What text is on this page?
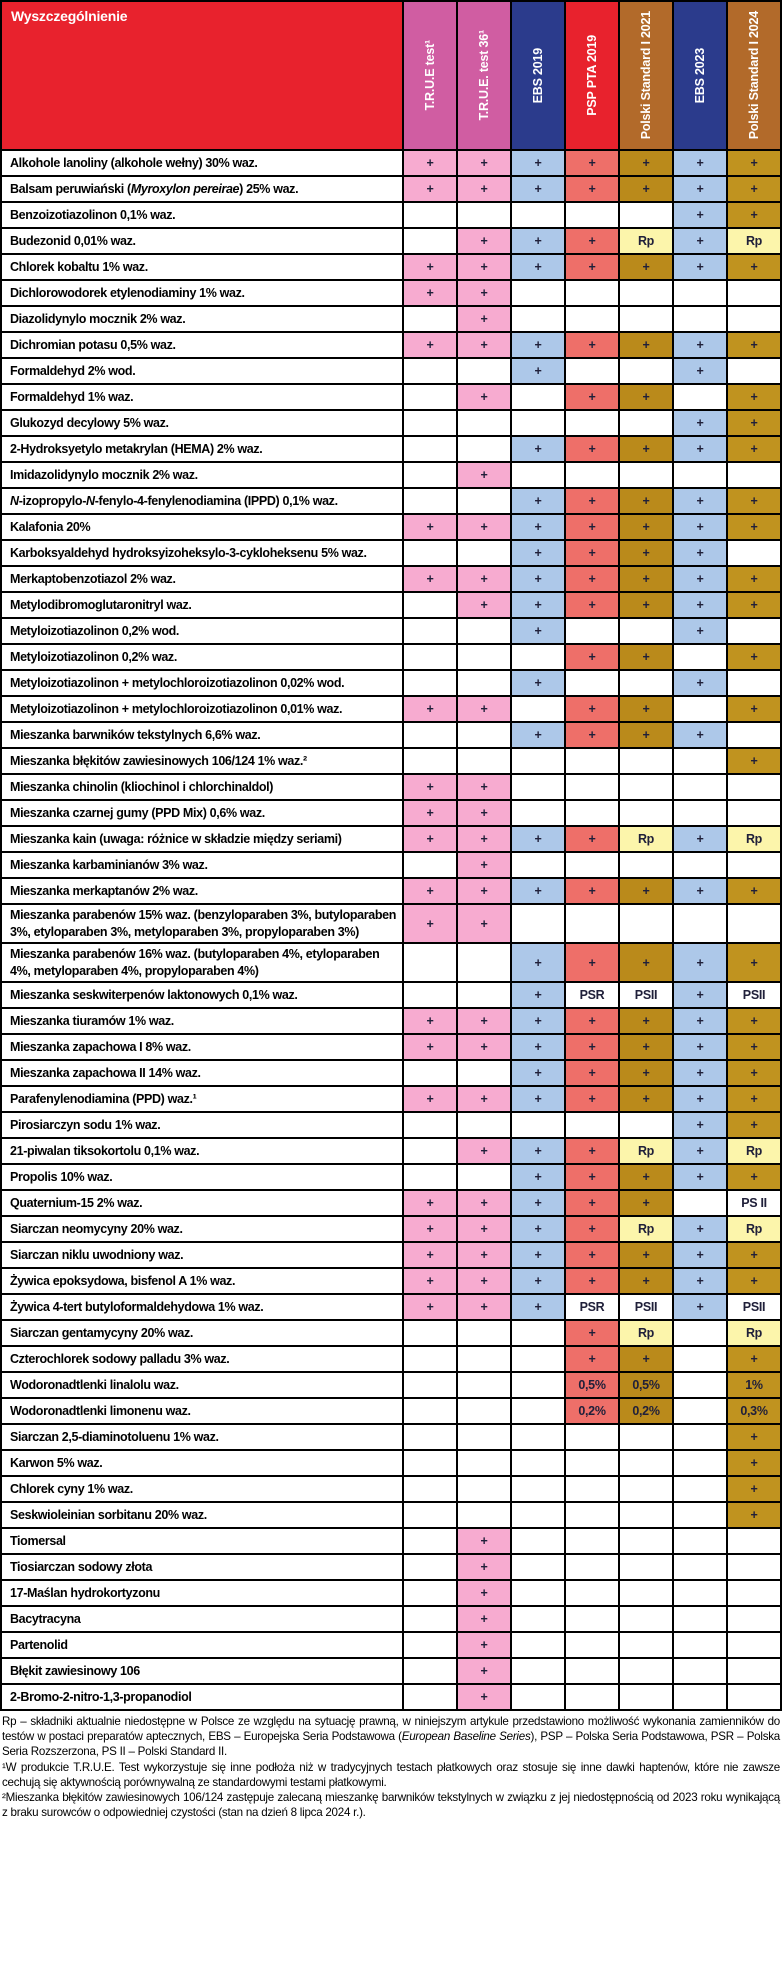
Wyszczególnienie	T.R.U.E test¹	T.R.U.E. test 36¹	EBS 2019	PSP PTA 2019	Polski Standard I 2021	EBS 2023	Polski Standard I 2024

Alkohole lanoliny (alkohole wełny) 30% waz.	+	+	+	+	+	+	+
Balsam peruwiański (Myroxylon pereirae) 25% waz.	+	+	+	+	+	+	+
Benzoizotiazolinon 0,1% waz.						+	+
Budezonid 0,01% waz.		+	+	+	Rp	+	Rp
Chlorek kobaltu 1% waz.	+	+	+	+	+	+	+
Dichlorowodorek etylenodiaminy 1% waz.	+	+					
Diazolidynylo mocznik 2% waz.		+					
Dichromian potasu 0,5% waz.	+	+	+	+	+	+	+
Formaldehyd 2% wod.			+			+	
Formaldehyd 1% waz.		+		+	+		+
Glukozyd decylowy 5% waz.						+	+
2-Hydroksyetylo metakrylan (HEMA) 2% waz.			+	+	+	+	+
Imidazolidynylo mocznik 2% waz.		+					
N-izopropylo-N-fenylo-4-fenylenodiamina (IPPD) 0,1% waz.			+	+	+	+	+
Kalafonia 20%	+	+	+	+	+	+	+
Karboksyaldehyd hydroksyizoheksylo-3-cykloheksenu 5% waz.			+	+	+	+	
Merkaptobenzotiazol 2% waz.	+	+	+	+	+	+	+
Metylodibromoglutaronitryl waz.		+	+	+	+	+	+
Metyloizotiazolinon 0,2% wod.			+			+	
Metyloizotiazolinon 0,2% waz.				+	+		+
Metyloizotiazolinon + metylochloroizotiazolinon 0,02% wod.			+			+	
Metyloizotiazolinon + metylochloroizotiazolinon 0,01% waz.	+	+		+	+		+
Mieszanka barwników tekstylnych 6,6% waz.			+	+	+	+	
Mieszanka błękitów zawiesinowych 106/124 1% waz.²							+
Mieszanka chinolin (kliochinol i chlorchinaldol)	+	+					
Mieszanka czarnej gumy (PPD Mix) 0,6% waz.	+	+					
Mieszanka kain (uwaga: różnice w składzie między seriami)	+	+	+	+	Rp	+	Rp
Mieszanka karbaminianów 3% waz.		+					
Mieszanka merkaptanów 2% waz.	+	+	+	+	+	+	+
Mieszanka parabenów 15% waz. (benzyloparaben 3%, butyloparaben 3%, etyloparaben 3%, metyloparaben 3%, propyloparaben 3%)	+	+					
Mieszanka parabenów 16% waz. (butyloparaben 4%, etyloparaben 4%, metyloparaben 4%, propyloparaben 4%)			+	+	+	+	+
Mieszanka seskwiterpenów laktonowych 0,1% waz.			+	PSR	PSII	+	PSII
Mieszanka tiuramów 1% waz.	+	+	+	+	+	+	+
Mieszanka zapachowa I 8% waz.	+	+	+	+	+	+	+
Mieszanka zapachowa II 14% waz.			+	+	+	+	+
Parafenylenodiamina (PPD) waz.¹	+	+	+	+	+	+	+
Pirosiarczyn sodu 1% waz.						+	+
21-piwalan tiksokortolu 0,1% waz.		+	+	+	Rp	+	Rp
Propolis 10% waz.			+	+	+	+	+
Quaternium-15 2% waz.	+	+	+	+	+		PS II
Siarczan neomycyny 20% waz.	+	+	+	+	Rp	+	Rp
Siarczan niklu uwodniony waz.	+	+	+	+	+	+	+
Żywica epoksydowa, bisfenol A 1% waz.	+	+	+	+	+	+	+
Żywica 4-tert butyloformaldehydowa 1% waz.	+	+	+	PSR	PSII	+	PSII
Siarczan gentamycyny 20% waz.				+	Rp		Rp
Czterochlorek sodowy palladu 3% waz.				+	+		+
Wodoronadtlenki linalolu waz.				0,5%	0,5%		1%
Wodoronadtlenki limonenu waz.				0,2%	0,2%		0,3%
Siarczan 2,5-diaminotoluenu 1% waz.							+
Karwon 5% waz.							+
Chlorek cyny 1% waz.							+
Seskwioleinian sorbitanu 20% waz.							+
Tiomersal		+					
Tiosiarczan sodowy złota		+					
17-Maślan hydrokortyzonu		+					
Bacytracyna		+					
Partenolid		+					
Błękit zawiesinowy 106		+					
2-Bromo-2-nitro-1,3-propanodiol		+					

Rp – składniki aktualnie niedostępne w Polsce ze względu na sytuację prawną, w niniejszym artykule przedstawiono możliwość wykonania zamienników do testów w postaci preparatów aptecznych, EBS – Europejska Seria Podstawowa (European Baseline Series), PSP – Polska Seria Podstawowa, PSR – Polska Seria Rozszerzona, PS II – Polski Standard II.

¹W produkcie T.R.U.E. Test wykorzystuje się inne podłoża niż w tradycyjnych testach płatkowych oraz stosuje się inne dawki haptenów, które nie zawsze cechują się aktywnością porównywalną ze standardowymi testami płatkowymi.

²Mieszanka błękitów zawiesinowych 106/124 zastępuje zalecaną mieszankę barwników tekstylnych w związku z jej niedostępnością od 2023 roku wynikającą z braku surowców o odpowiedniej czystości (stan na dzień 8 lipca 2024 r.).
